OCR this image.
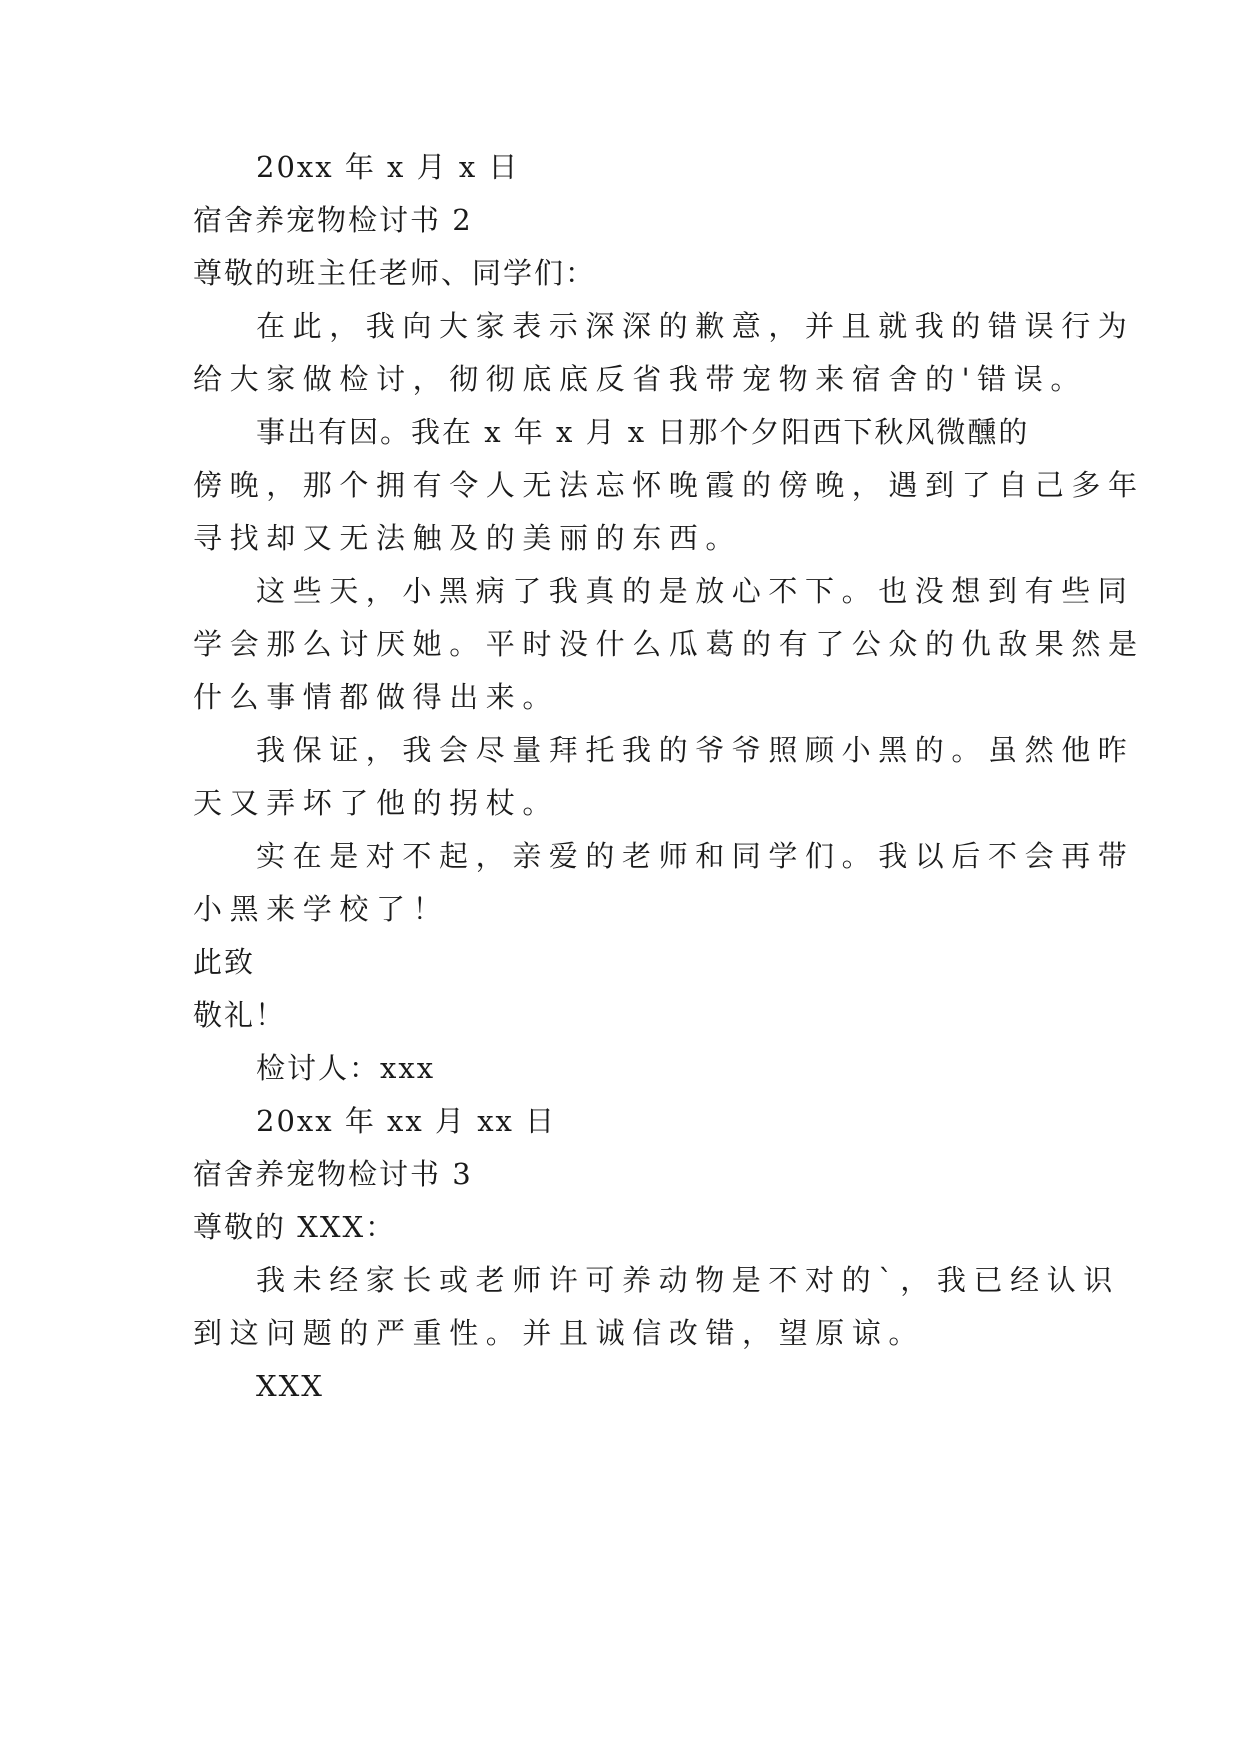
20xx 年 x 月 x 日
宿舍养宠物检讨书 2
尊敬的班主任老师、同学们：
在此，我向大家表示深深的歉意，并且就我的错误行为
给大家做检讨，彻彻底底反省我带宠物来宿舍的'错误。
事出有因。我在 x 年 x 月 x 日那个夕阳西下秋风微醺的
傍晚，那个拥有令人无法忘怀晚霞的傍晚，遇到了自己多年
寻找却又无法触及的美丽的东西。
这些天，小黑病了我真的是放心不下。也没想到有些同
学会那么讨厌她。平时没什么瓜葛的有了公众的仇敌果然是
什么事情都做得出来。
我保证，我会尽量拜托我的爷爷照顾小黑的。虽然他昨
天又弄坏了他的拐杖。
实在是对不起，亲爱的老师和同学们。我以后不会再带
小黑来学校了！
此致
敬礼！
检讨人：xxx
20xx 年 xx 月 xx 日
宿舍养宠物检讨书 3
尊敬的 XXX：
我未经家长或老师许可养动物是不对的`，我已经认识
到这问题的严重性。并且诚信改错，望原谅。
XXX
